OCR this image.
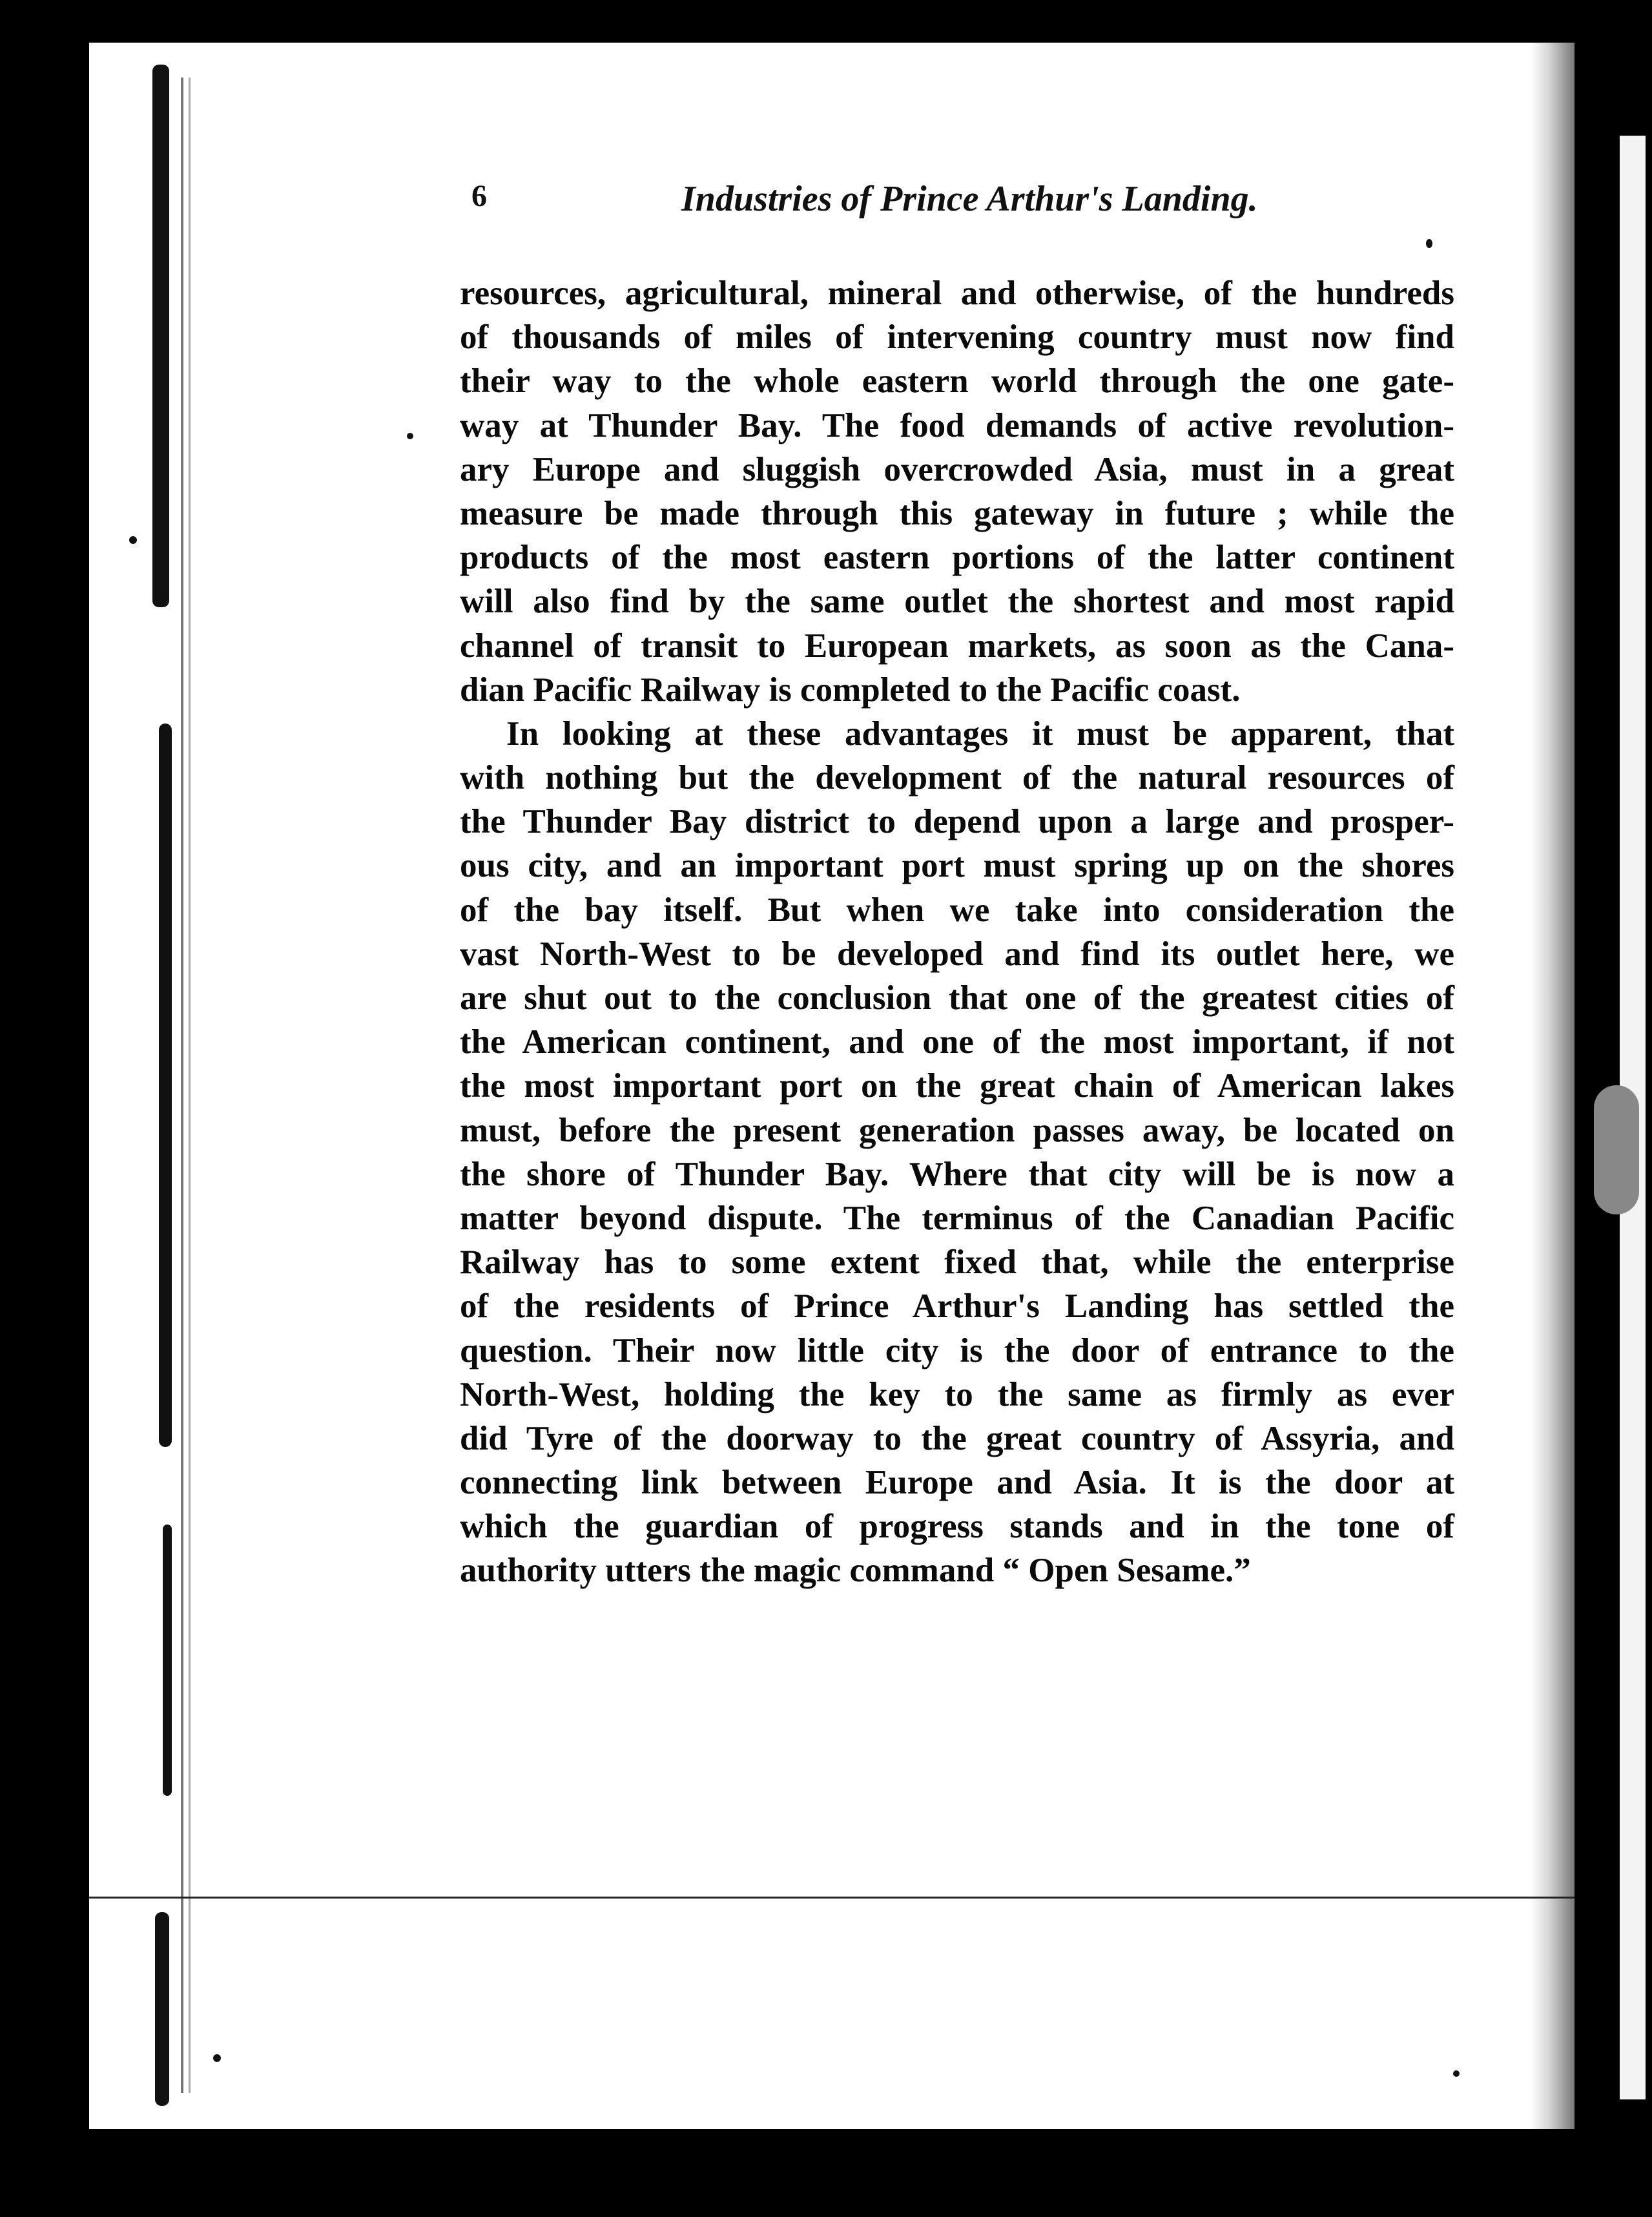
6	Industries of Prince Arthur's Landing.
resources, agricultural, mineral and otherwise, of the hundreds
of thousands of miles of intervening country must now find
their way to the whole eastern world through the one gate-
way at Thunder Bay. The food demands of active revolution-
ary Europe and sluggish overcrowded Asia, must in a great
measure be made through this gateway in future ; while the
products of the most eastern portions of the latter continent
will also find by the same outlet the shortest and most rapid
channel of transit to European markets, as soon as the Cana-
dian Pacific Railway is completed to the Pacific coast.
In looking at these advantages it must be apparent, that
with nothing but the development of the natural resources of
the Thunder Bay district to depend upon a large and prosper-
ous city, and an important port must spring up on the shores
of the bay itself. But when we take into consideration the
vast North-West to be developed and find its outlet here, we
are shut out to the conclusion that one of the greatest cities of
the American continent, and one of the most important, if not
the most important port on the great chain of American lakes
must, before the present generation passes away, be located on
the shore of Thunder Bay. Where that city will be is now a
matter beyond dispute. The terminus of the Canadian Pacific
Railway has to some extent fixed that, while the enterprise
of the residents of Prince Arthur's Landing has settled the
question. Their now little city is the door of entrance to the
North-West, holding the key to the same as firmly as ever
did Tyre of the doorway to the great country of Assyria, and
connecting link between Europe and Asia. It is the door at
which the guardian of progress stands and in the tone of
authority utters the magic command “ Open Sesame.”
